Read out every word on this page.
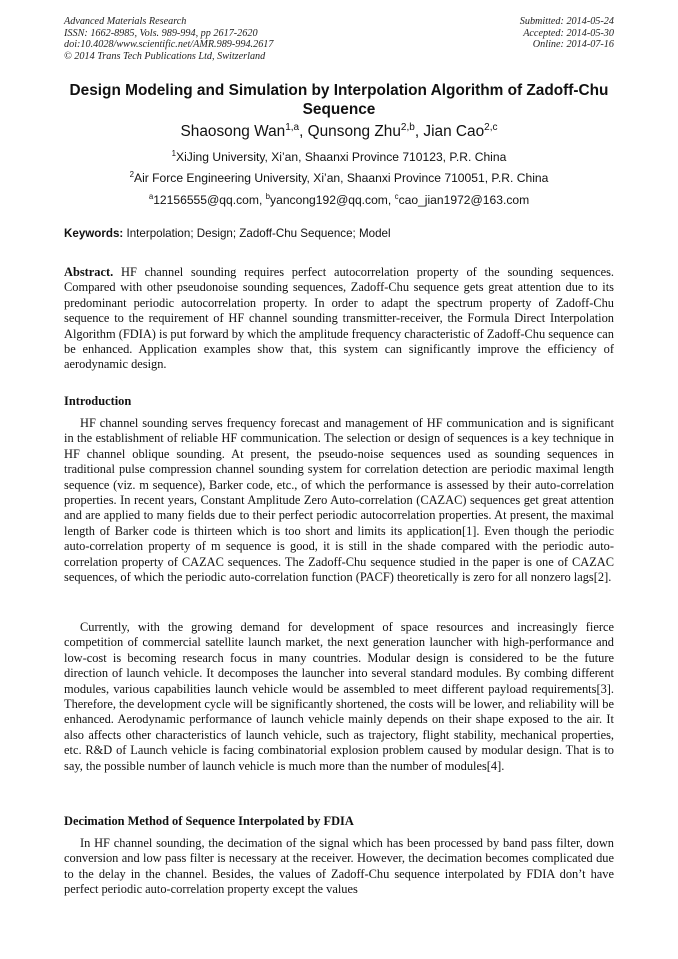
Advanced Materials Research
ISSN: 1662-8985, Vols. 989-994, pp 2617-2620
doi:10.4028/www.scientific.net/AMR.989-994.2617
© 2014 Trans Tech Publications Ltd, Switzerland
Submitted: 2014-05-24
Accepted: 2014-05-30
Online: 2014-07-16
Design Modeling and Simulation by Interpolation Algorithm of Zadoff-Chu Sequence
Shaosong Wan$^{1,a}$, Qunsong Zhu$^{2,b}$, Jian Cao$^{2,c}$
$^1$XiJing University, Xi’an, Shaanxi Province 710123, P.R. China
$^2$Air Force Engineering University, Xi’an, Shaanxi Province 710051, P.R. China
$^a$12156555@qq.com, $^b$yancong192@qq.com, $^c$cao_jian1972@163.com
Keywords: Interpolation; Design; Zadoff-Chu Sequence; Model
Abstract. HF channel sounding requires perfect autocorrelation property of the sounding sequences. Compared with other pseudonoise sounding sequences, Zadoff-Chu sequence gets great attention due to its predominant periodic autocorrelation property. In order to adapt the spectrum property of Zadoff-Chu sequence to the requirement of HF channel sounding transmitter-receiver, the Formula Direct Interpolation Algorithm (FDIA) is put forward by which the amplitude frequency characteristic of Zadoff-Chu sequence can be enhanced. Application examples show that, this system can significantly improve the efficiency of aerodynamic design.
Introduction
HF channel sounding serves frequency forecast and management of HF communication and is significant in the establishment of reliable HF communication. The selection or design of sequences is a key technique in HF channel oblique sounding. At present, the pseudo-noise sequences used as sounding sequences in traditional pulse compression channel sounding system for correlation detection are periodic maximal length sequence (viz. m sequence), Barker code, etc., of which the performance is assessed by their auto-correlation properties. In recent years, Constant Amplitude Zero Auto-correlation (CAZAC) sequences get great attention and are applied to many fields due to their perfect periodic autocorrelation properties. At present, the maximal length of Barker code is thirteen which is too short and limits its application[1]. Even though the periodic auto-correlation property of m sequence is good, it is still in the shade compared with the periodic auto-correlation property of CAZAC sequences. The Zadoff-Chu sequence studied in the paper is one of CAZAC sequences, of which the periodic auto-correlation function (PACF) theoretically is zero for all nonzero lags[2].
Currently, with the growing demand for development of space resources and increasingly fierce competition of commercial satellite launch market, the next generation launcher with high-performance and low-cost is becoming research focus in many countries. Modular design is considered to be the future direction of launch vehicle. It decomposes the launcher into several standard modules. By combing different modules, various capabilities launch vehicle would be assembled to meet different payload requirements[3]. Therefore, the development cycle will be significantly shortened, the costs will be lower, and reliability will be enhanced. Aerodynamic performance of launch vehicle mainly depends on their shape exposed to the air. It also affects other characteristics of launch vehicle, such as trajectory, flight stability, mechanical properties, etc. R&D of Launch vehicle is facing combinatorial explosion problem caused by modular design. That is to say, the possible number of launch vehicle is much more than the number of modules[4].
Decimation Method of Sequence Interpolated by FDIA
In HF channel sounding, the decimation of the signal which has been processed by band pass filter, down conversion and low pass filter is necessary at the receiver. However, the decimation becomes complicated due to the delay in the channel. Besides, the values of Zadoff-Chu sequence interpolated by FDIA don’t have perfect periodic auto-correlation property except the values
